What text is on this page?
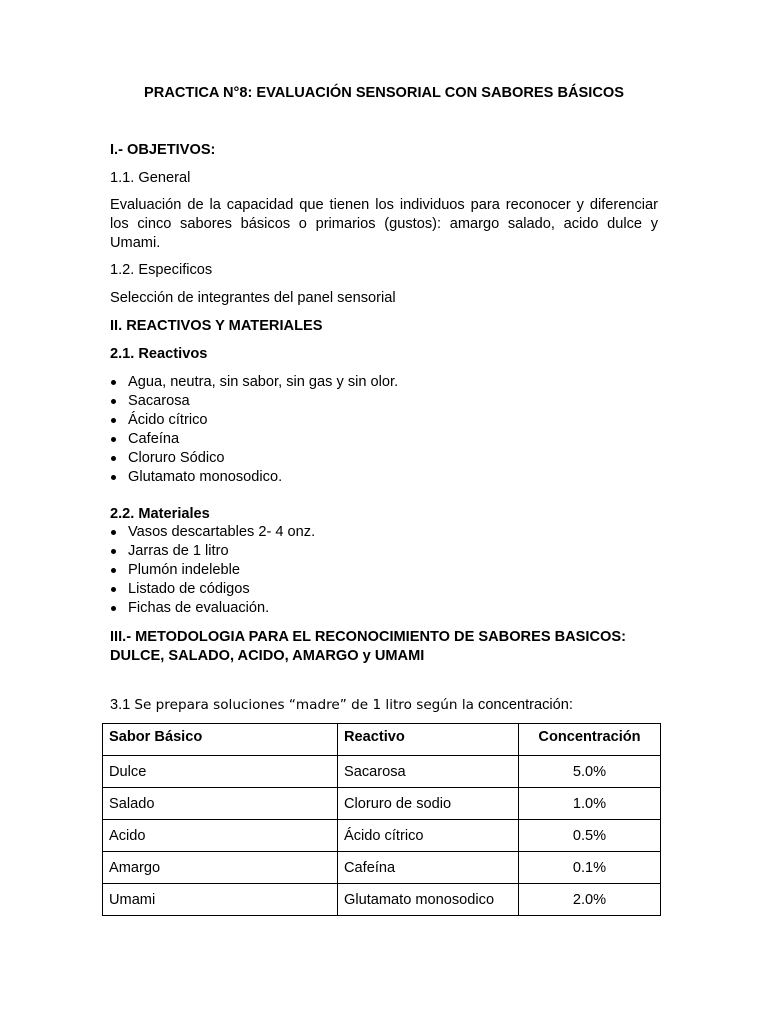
PRACTICA N°8: EVALUACIÓN SENSORIAL CON SABORES BÁSICOS
I.- OBJETIVOS:
1.1. General
Evaluación de la capacidad que tienen los individuos para reconocer y diferenciar los cinco sabores básicos o primarios (gustos): amargo salado, acido dulce y Umami.
1.2. Especificos
Selección de integrantes del panel sensorial
II. REACTIVOS Y MATERIALES
2.1. Reactivos
Agua, neutra, sin sabor, sin gas y sin olor.
Sacarosa
Ácido cítrico
Cafeína
Cloruro Sódico
Glutamato monosodico.
2.2. Materiales
Vasos descartables 2- 4 onz.
Jarras de 1 litro
Plumón indeleble
Listado de códigos
Fichas de evaluación.
III.- METODOLOGIA PARA EL RECONOCIMIENTO DE SABORES BASICOS: DULCE, SALADO, ACIDO, AMARGO y UMAMI
3.1 Se prepara soluciones “madre” de 1 litro según la concentración:
Sabor Básico	Reactivo	Concentración
Dulce	Sacarosa	5.0%
Salado	Cloruro de sodio	1.0%
Acido	Ácido cítrico	0.5%
Amargo	Cafeína	0.1%
Umami	Glutamato monosodico	2.0%
